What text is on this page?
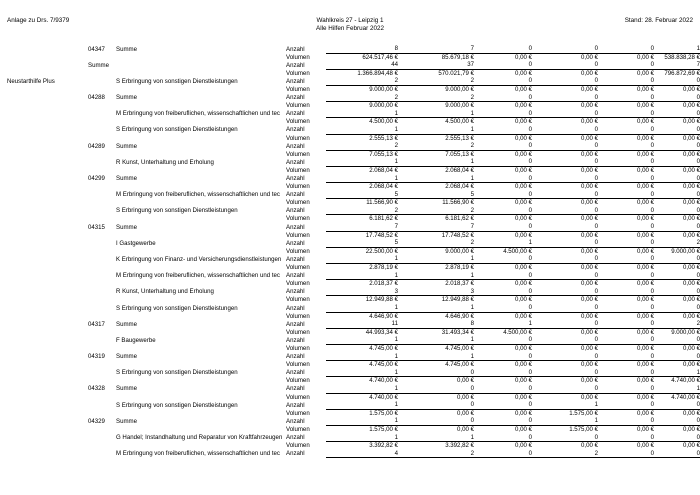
Anlage zu Drs. 7/9379	Wahlkreis 27 - Leipzig 1
Alle Hilfen Februar 2022
Stand: 28. Februar 2022
	04347	Summe	Anzahl	8	7	0	0	0	1
			Volumen	624.517,46 €	85.679,18 €	0,00 €	0,00 €	0,00 €	538.838,28 €
	Summe		Anzahl	44	37	0	0	0	7
			Volumen	1.366.894,48 €	570.021,79 €	0,00 €	0,00 €	0,00 €	796.872,69 €
Neustarthilfe Plus		S Erbringung von sonstigen Dienstleistungen	Anzahl	2	2	0	0	0	0
			Volumen	9.000,00 €	9.000,00 €	0,00 €	0,00 €	0,00 €	0,00 €
	04288	Summe	Anzahl	2	2	0	0	0	0
			Volumen	9.000,00 €	9.000,00 €	0,00 €	0,00 €	0,00 €	0,00 €
		M Erbringung von freiberuflichen, wissenschaftlichen und tec	Anzahl	1	1	0	0	0	0
			Volumen	4.500,00 €	4.500,00 €	0,00 €	0,00 €	0,00 €	0,00 €
		S Erbringung von sonstigen Dienstleistungen	Anzahl	1	1	0	0	0	0
			Volumen	2.555,13 €	2.555,13 €	0,00 €	0,00 €	0,00 €	0,00 €
	04289	Summe	Anzahl	2	2	0	0	0	0
			Volumen	7.055,13 €	7.055,13 €	0,00 €	0,00 €	0,00 €	0,00 €
		R Kunst, Unterhaltung und Erholung	Anzahl	1	1	0	0	0	0
			Volumen	2.068,04 €	2.068,04 €	0,00 €	0,00 €	0,00 €	0,00 €
	04299	Summe	Anzahl	1	1	0	0	0	0
			Volumen	2.068,04 €	2.068,04 €	0,00 €	0,00 €	0,00 €	0,00 €
		M Erbringung von freiberuflichen, wissenschaftlichen und tec	Anzahl	5	5	0	0	0	0
			Volumen	11.566,90 €	11.566,90 €	0,00 €	0,00 €	0,00 €	0,00 €
		S Erbringung von sonstigen Dienstleistungen	Anzahl	2	2	0	0	0	0
			Volumen	6.181,62 €	6.181,62 €	0,00 €	0,00 €	0,00 €	0,00 €
	04315	Summe	Anzahl	7	7	0	0	0	0
			Volumen	17.748,52 €	17.748,52 €	0,00 €	0,00 €	0,00 €	0,00 €
		I Gastgewerbe	Anzahl	5	2	1	0	0	2
			Volumen	22.500,00 €	9.000,00 €	4.500,00 €	0,00 €	0,00 €	9.000,00 €
		K Erbringung von Finanz- und Versicherungsdienstleistungen	Anzahl	1	1	0	0	0	0
			Volumen	2.878,19 €	2.878,19 €	0,00 €	0,00 €	0,00 €	0,00 €
		M Erbringung von freiberuflichen, wissenschaftlichen und tec	Anzahl	1	1	0	0	0	0
			Volumen	2.018,37 €	2.018,37 €	0,00 €	0,00 €	0,00 €	0,00 €
		R Kunst, Unterhaltung und Erholung	Anzahl	3	3	0	0	0	0
			Volumen	12.949,88 €	12.949,88 €	0,00 €	0,00 €	0,00 €	0,00 €
		S Erbringung von sonstigen Dienstleistungen	Anzahl	1	1	0	0	0	0
			Volumen	4.646,90 €	4.646,90 €	0,00 €	0,00 €	0,00 €	0,00 €
	04317	Summe	Anzahl	11	8	1	0	0	2
			Volumen	44.993,34 €	31.493,34 €	4.500,00 €	0,00 €	0,00 €	9.000,00 €
		F Baugewerbe	Anzahl	1	1	0	0	0	0
			Volumen	4.745,00 €	4.745,00 €	0,00 €	0,00 €	0,00 €	0,00 €
	04319	Summe	Anzahl	1	1	0	0	0	0
			Volumen	4.745,00 €	4.745,00 €	0,00 €	0,00 €	0,00 €	0,00 €
		S Erbringung von sonstigen Dienstleistungen	Anzahl	1	0	0	0	0	1
			Volumen	4.740,00 €	0,00 €	0,00 €	0,00 €	0,00 €	4.740,00 €
	04328	Summe	Anzahl	1	0	0	0	0	1
			Volumen	4.740,00 €	0,00 €	0,00 €	0,00 €	0,00 €	4.740,00 €
		S Erbringung von sonstigen Dienstleistungen	Anzahl	1	0	0	1	0	0
			Volumen	1.575,00 €	0,00 €	0,00 €	1.575,00 €	0,00 €	0,00 €
	04329	Summe	Anzahl	1	0	0	1	0	0
			Volumen	1.575,00 €	0,00 €	0,00 €	1.575,00 €	0,00 €	0,00 €
		G Handel; Instandhaltung und Reparatur von Kraftfahrzeugen	Anzahl	1	1	0	0	0	0
			Volumen	3.392,82 €	3.392,82 €	0,00 €	0,00 €	0,00 €	0,00 €
		M Erbringung von freiberuflichen, wissenschaftlichen und tec	Anzahl	4	2	0	2	0	0
